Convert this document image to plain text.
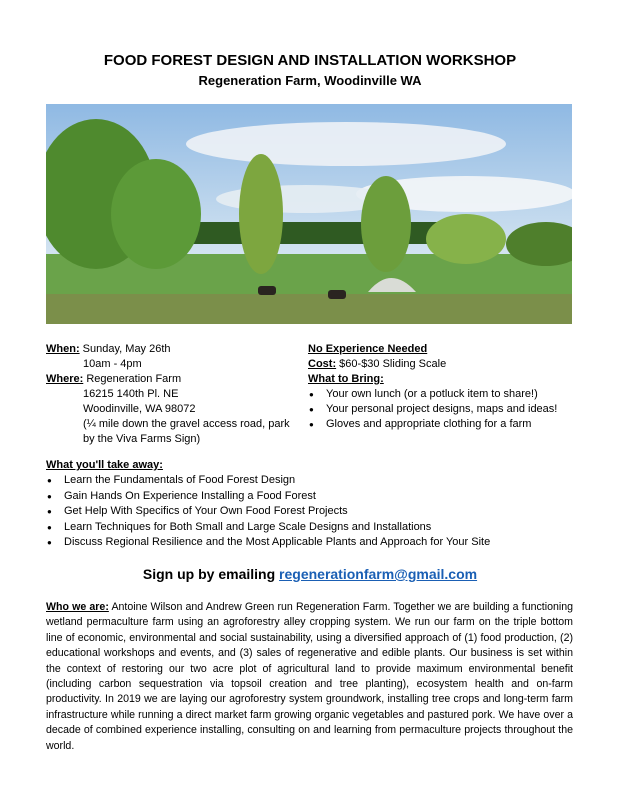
FOOD FOREST DESIGN AND INSTALLATION WORKSHOP
Regeneration Farm, Woodinville WA
When: Sunday, May 26th
10am - 4pm
Where: Regeneration Farm
16215 140th Pl. NE
Woodinville, WA 98072
(¼ mile down the gravel access road, park by the Viva Farms Sign)
No Experience Needed
Cost: $60-$30 Sliding Scale
What to Bring:
● Your own lunch (or a potluck item to share!)
● Your personal project designs, maps and ideas!
● Gloves and appropriate clothing for a farm
What you'll take away:
● Learn the Fundamentals of Food Forest Design
● Gain Hands On Experience Installing a Food Forest
● Get Help With Specifics of Your Own Food Forest Projects
● Learn Techniques for Both Small and Large Scale Designs and Installations
● Discuss Regional Resilience and the Most Applicable Plants and Approach for Your Site
Sign up by emailing regenerationfarm@gmail.com
Who we are: Antoine Wilson and Andrew Green run Regeneration Farm. Together we are building a functioning wetland permaculture farm using an agroforestry alley cropping system. We run our farm on the triple bottom line of economic, environmental and social sustainability, using a diversified approach of (1) food production, (2) educational workshops and events, and (3) sales of regenerative and edible plants. Our business is set within the context of restoring our two acre plot of agricultural land to provide maximum environmental benefit (including carbon sequestration via topsoil creation and tree planting), ecosystem health and on-farm productivity. In 2019 we are laying our agroforestry system groundwork, installing tree crops and long-term farm infrastructure while running a direct market farm growing organic vegetables and pastured pork. We have over a decade of combined experience installing, consulting on and learning from permaculture projects throughout the world.
